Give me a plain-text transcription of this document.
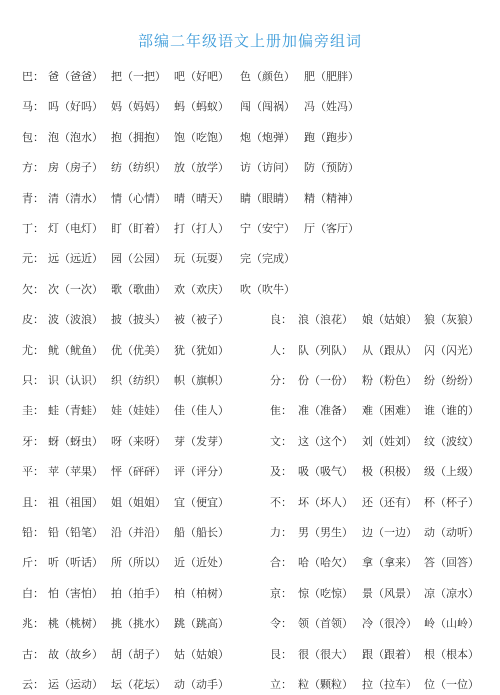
部编二年级语文上册加偏旁组词
巴： 爸（爸爸） 把（一把） 吧（好吧） 色（颜色） 肥（肥胖）
马： 吗（好吗） 妈（妈妈） 蚂（蚂蚁） 闯（闯祸） 冯（姓冯）
包： 泡（泡水） 抱（拥抱） 饱（吃饱） 炮（炮弹） 跑（跑步）
方： 房（房子） 纺（纺织） 放（放学） 访（访问） 防（预防）
青： 清（清水） 情（心情） 晴（晴天） 睛（眼睛） 精（精神）
丁： 灯（电灯） 盯（盯着） 打（打人） 宁（安宁） 厅（客厅）
元： 远（远近） 园（公园） 玩（玩耍） 完（完成）
欠： 次（一次） 歌（歌曲） 欢（欢庆） 吹（吹牛）
皮： 波（波浪） 披（披头） 被（被子）	良： 浪（浪花） 娘（姑娘） 狼（灰狼）
尤： 鱿（鱿鱼） 优（优美） 犹（犹如）	人： 队（列队） 从（跟从） 闪（闪光）
只： 识（认识） 织（纺织） 帜（旗帜）	分： 份（一份） 粉（粉色） 纷（纷纷）
圭： 蛙（青蛙） 娃（娃娃） 佳（佳人）	隹： 准（准备） 难（困难） 谁（谁的）
牙： 蚜（蚜虫） 呀（来呀） 芽（发芽）	文： 这（这个） 刘（姓刘） 纹（波纹）
平： 苹（苹果） 怦（砰砰） 评（评分）	及： 吸（吸气） 极（积极） 级（上级）
且： 祖（祖国） 姐（姐姐） 宜（便宜）	不： 坏（坏人） 还（还有） 杯（杯子）
铅： 铅（铅笔） 沿（并沿） 船（船长）	力： 男（男生） 边（一边） 动（动听）
斤： 听（听话） 所（所以） 近（近处）	合： 哈（哈欠） 拿（拿来） 答（回答）
白： 怕（害怕） 拍（拍手） 柏（柏树）	京： 惊（吃惊） 景（风景） 凉（凉水）
兆： 桃（桃树） 挑（挑水） 跳（跳高）	令： 领（首领） 冷（很冷） 岭（山岭）
古： 故（故乡） 胡（胡子） 姑（姑娘）	艮： 很（很大） 跟（跟着） 根（根本）
云： 运（运动） 坛（花坛） 动（动手）	立： 粒（颗粒） 拉（拉车） 位（一位）
